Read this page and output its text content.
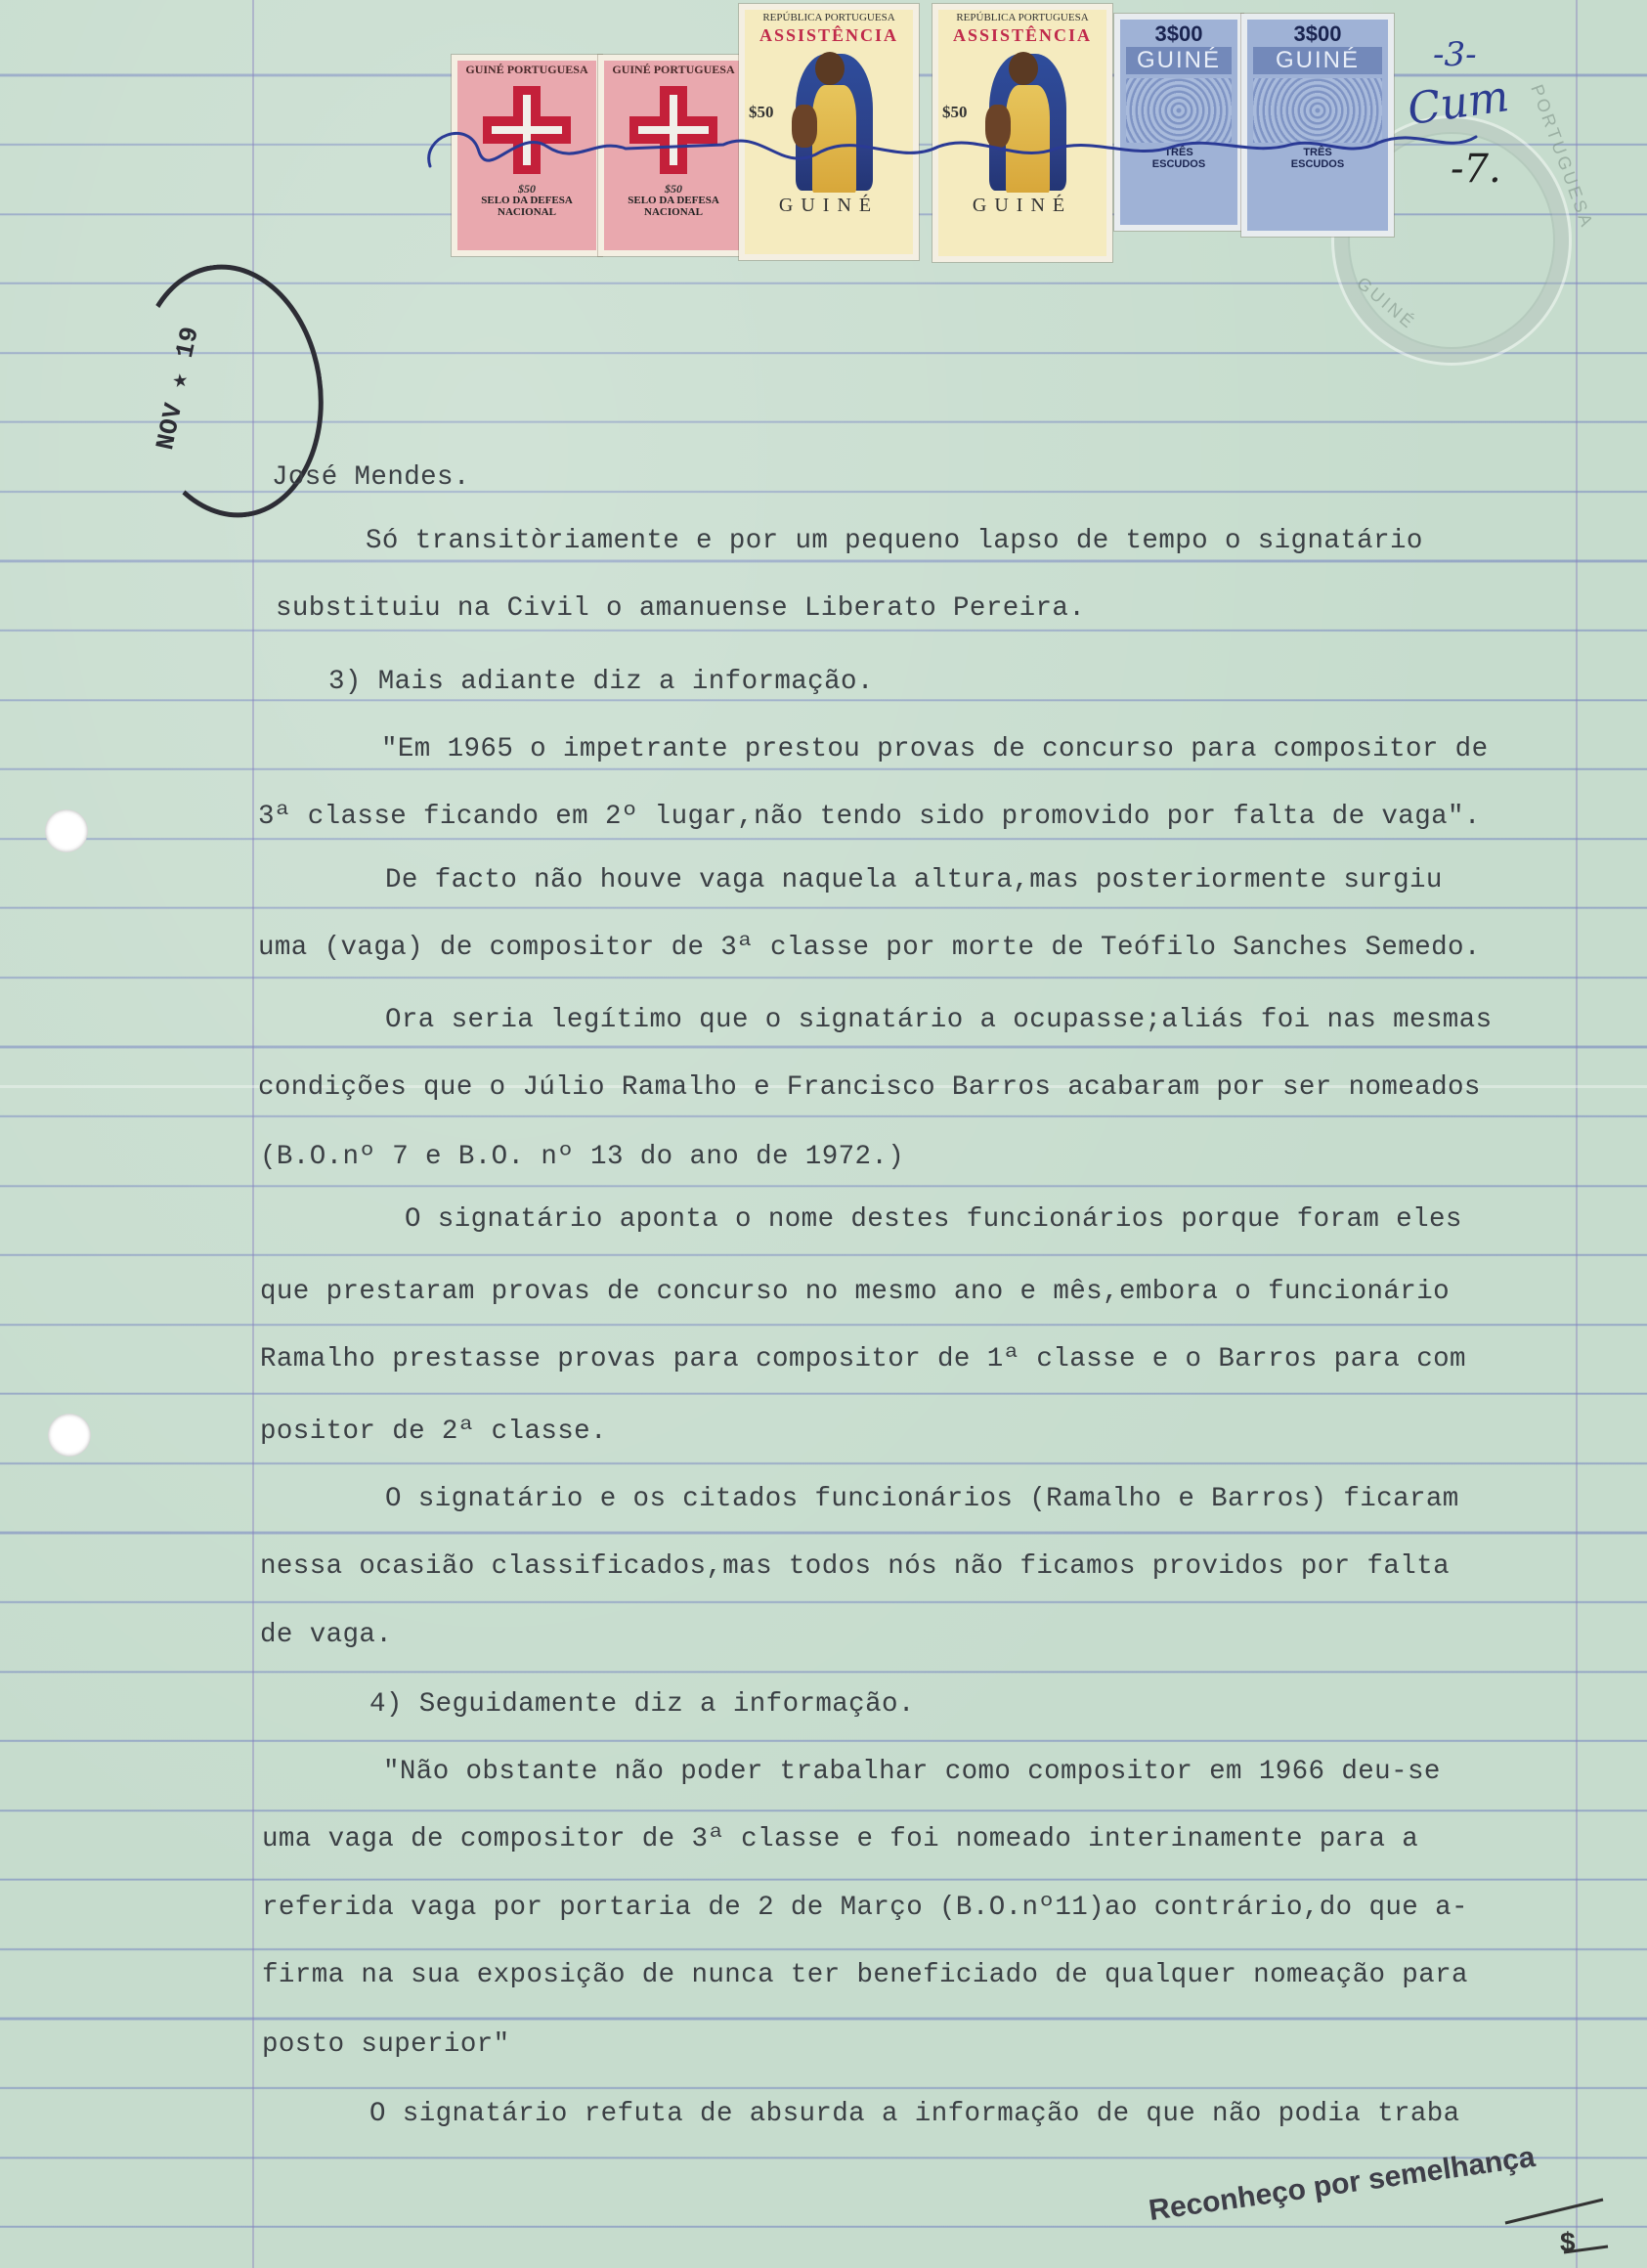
NOV ★ 19
PORTUGUESA
GUINÉ
GUINÉ PORTUGUESA
$50
SELO DA DEFESA NACIONAL
GUINÉ PORTUGUESA
$50
SELO DA DEFESA NACIONAL
REPÚBLICA PORTUGUESA
ASSISTÊNCIA
$50
GUINÉ
REPÚBLICA PORTUGUESA
ASSISTÊNCIA
$50
GUINÉ
3$00
GUINÉ
TRÊS
ESCUDOS
3$00
GUINÉ
TRÊS
ESCUDOS
-3-
Cum
-7.
José Mendes.
Só transitòriamente e por um pequeno lapso de tempo o signatário
substituiu na Civil o amanuense Liberato Pereira.
3) Mais adiante diz a informação.
"Em 1965 o impetrante prestou provas de concurso para compositor de
3ª classe ficando em 2º lugar,não tendo sido promovido por falta de vaga".
De facto não houve vaga naquela altura,mas posteriormente surgiu
uma (vaga) de compositor de 3ª classe por morte de Teófilo Sanches Semedo.
Ora seria legítimo que o signatário a ocupasse;aliás foi nas mesmas
condições que o Júlio Ramalho e Francisco Barros acabaram por ser nomeados
(B.O.nº 7 e B.O. nº 13 do ano de 1972.)
O signatário aponta o nome destes funcionários porque foram eles
que prestaram provas de concurso no mesmo ano e mês,embora o funcionário
Ramalho prestasse provas para compositor de 1ª classe e o Barros para com
positor de 2ª classe.
O signatário e os citados funcionários (Ramalho e Barros) ficaram
nessa ocasião classificados,mas todos nós não ficamos providos por falta
de vaga.
4) Seguidamente diz a informação.
"Não obstante não poder trabalhar como compositor em 1966 deu-se
uma vaga de compositor de 3ª classe e foi nomeado interinamente para a
referida vaga por portaria de 2 de Março (B.O.nº11)ao contrário,do que a-
firma na sua exposição de nunca ter beneficiado de qualquer nomeação para
posto superior"
O signatário refuta de absurda a informação de que não podia traba
Reconheço por semelhança
$
